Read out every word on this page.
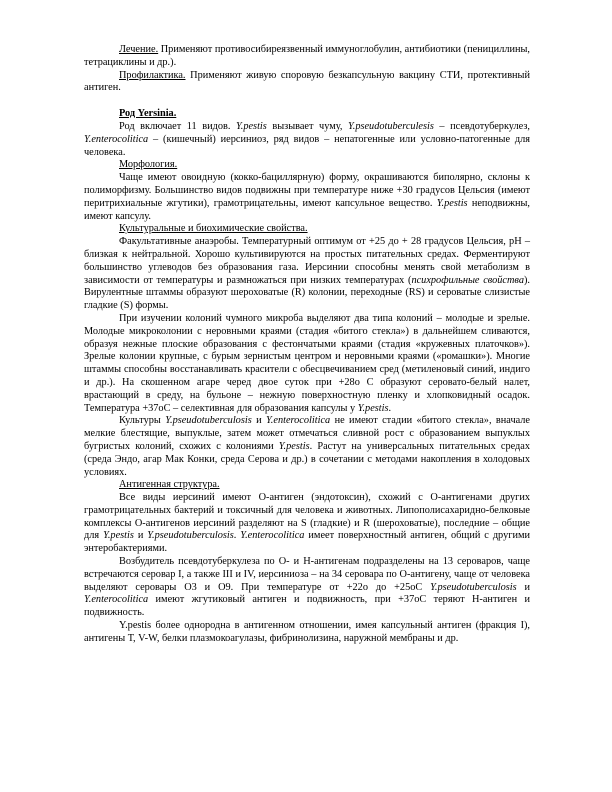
Лечение. Применяют противосибиреязвенный иммуноглобулин, антибиотики (пенициллины, тетрациклины и др.).

Профилактика. Применяют живую споровую безкапсульную вакцину СТИ, протективный антиген.

Род Yersinia.

Род включает 11 видов. Y.pestis вызывает чуму, Y.pseudotuberculesis – псевдотуберкулез, Y.enterocolitica – (кишечный) иерсиниоз, ряд видов – непатогенные или условно-патогенные для человека.

Морфология.

Чаще имеют овоидную (кокко-бациллярную) форму, окрашиваются биполярно, склоны к полиморфизму. Большинство видов подвижны при температуре ниже +30 градусов Цельсия (имеют перитрихиальные жгутики), грамотрицательны, имеют капсульное вещество. Y.pestis неподвижны, имеют капсулу.

Культуральные и биохимические свойства.

Факультативные анаэробы. Температурный оптимум от +25 до + 28 градусов Цельсия, pH – близкая к нейтральной. Хорошо культивируются на простых питательных средах. Ферментируют большинство углеводов без образования газа. Иерсинии способны менять свой метаболизм в зависимости от температуры и размножаться при низких температурах (психрофильные свойства). Вирулентные штаммы образуют шероховатые (R) колонии, переходные (RS) и сероватые слизистые гладкие (S) формы.

При изучении колоний чумного микроба выделяют два типа колоний – молодые и зрелые. Молодые микроколонии с неровными краями (стадия «битого стекла») в дальнейшем сливаются, образуя нежные плоские образования с фестончатыми краями (стадия «кружевных платочков»). Зрелые колонии крупные, с бурым зернистым центром и неровными краями («ромашки»). Многие штаммы способны восстанавливать красители с обесцвечиванием сред (метиленовый синий, индиго и др.). На скошенном агаре черед двое суток при +28о С образуют серовато-белый налет, врастающий в среду, на бульоне – нежную поверхностную пленку и хлопковидный осадок. Температура +37оС – селективная для образования капсулы у Y.pestis.

Культуры Y.pseudotuberculosis и Y.enterocolitica не имеют стадии «битого стекла», вначале мелкие блестящие, выпуклые, затем может отмечаться сливной рост с образованием выпуклых бугристых колоний, схожих с колониями Y.pestis. Растут на универсальных питательных средах (среда Эндо, агар Мак Конки, среда Серова и др.) в сочетании с методами накопления в холодовых условиях.

Антигенная структура.

Все виды иерсиний имеют О-антиген (эндотоксин), схожий с О-антигенами других грамотрицательных бактерий и токсичный для человека и животных. Липополисахаридно-белковые комплексы О-антигенов иерсиний разделяют на S (гладкие) и R (шероховатые), последние – общие для Y.pestis и Y.pseudotuberculosis. Y.enterocolitica имеет поверхностный антиген, общий с другими энтеробактериями.

Возбудитель псевдотуберкулеза по О- и Н-антигенам подразделены на 13 сероваров, чаще встречаются серовар I, а также III и IV, иерсиниоза – на 34 серовара по О-антигену, чаще от человека выделяют серовары О3 и О9. При температуре от +22о до +25оС Y.pseudotuberculosis и Y.enterocolitica имеют жгутиковый антиген и подвижность, при +37оС теряют Н-антиген и подвижность.

Y.pestis более однородна в антигенном отношении, имея капсульный антиген (фракция I), антигены Т, V-W, белки плазмокоагулазы, фибринолизина, наружной мембраны и др.
